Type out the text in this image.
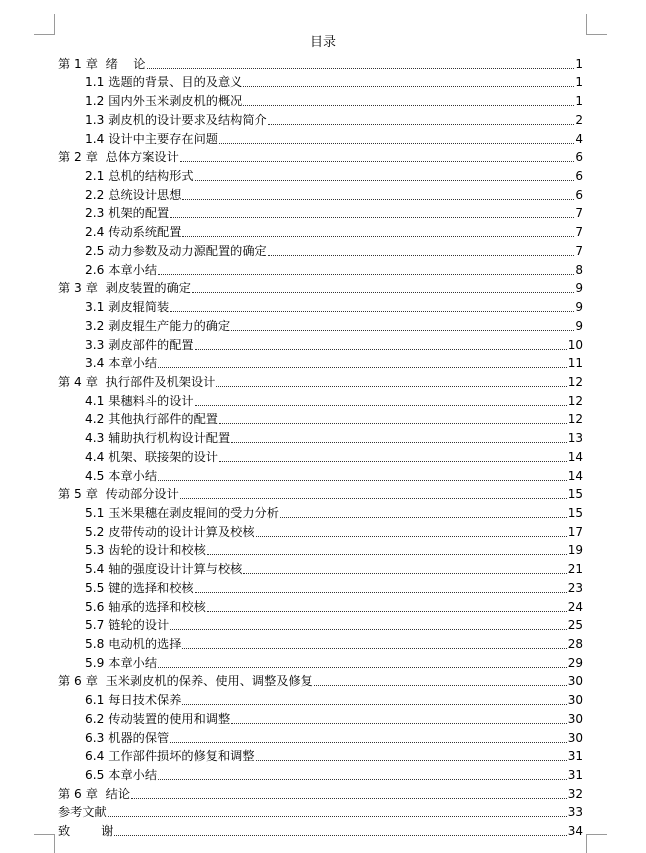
目录
第 1 章  绪    论	1
1.1 选题的背景、目的及意义	1
1.2 国内外玉米剥皮机的概况	1
1.3 剥皮机的设计要求及结构简介	2
1.4 设计中主要存在问题	4
第 2 章  总体方案设计	6
2.1 总机的结构形式	6
2.2 总统设计思想	6
2.3 机架的配置	7
2.4 传动系统配置	7
2.5 动力参数及动力源配置的确定	7
2.6 本章小结	8
第 3 章  剥皮装置的确定	9
3.1 剥皮辊简装	9
3.2 剥皮辊生产能力的确定	9
3.3 剥皮部件的配置	10
3.4 本章小结	11
第 4 章  执行部件及机架设计	12
4.1 果穗料斗的设计	12
4.2 其他执行部件的配置	12
4.3 辅助执行机构设计配置	13
4.4 机架、联接架的设计	14
4.5 本章小结	14
第 5 章  传动部分设计	15
5.1 玉米果穗在剥皮辊间的受力分析	15
5.2 皮带传动的设计计算及校核	17
5.3 齿轮的设计和校核	19
5.4 轴的强度设计计算与校核	21
5.5 键的选择和校核	23
5.6 轴承的选择和校核	24
5.7 链轮的设计	25
5.8 电动机的选择	28
5.9 本章小结	29
第 6 章  玉米剥皮机的保养、使用、调整及修复	30
6.1 每日技术保养	30
6.2 传动装置的使用和调整	30
6.3 机器的保管	30
6.4 工作部件损坏的修复和调整	31
6.5 本章小结	31
第 6 章  结论	32
参考文献	33
致        谢	34
